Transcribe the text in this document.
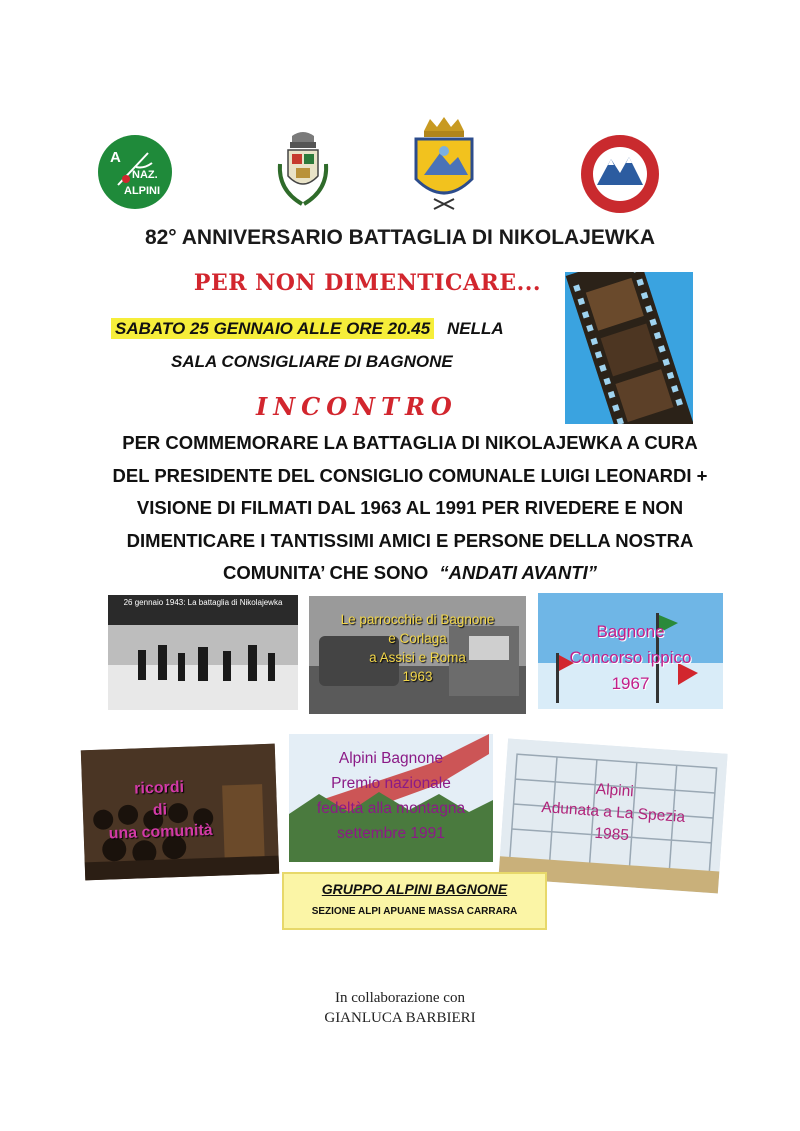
A
NAZ.
ALPINI
82° ANNIVERSARIO BATTAGLIA DI NIKOLAJEWKA
PER NON DIMENTICARE...
SABATO 25 GENNAIO ALLE ORE 20.45 NELLA
SALA CONSIGLIARE DI BAGNONE
INCONTRO
PER COMMEMORARE LA BATTAGLIA DI NIKOLAJEWKA A CURA
DEL PRESIDENTE DEL CONSIGLIO COMUNALE LUIGI LEONARDI +
VISIONE DI FILMATI DAL 1963 AL 1991 PER RIVEDERE E NON
DIMENTICARE I TANTISSIMI AMICI E PERSONE DELLA NOSTRA
COMUNITA’ CHE SONO “ANDATI AVANTI”
26 gennaio 1943: La battaglia di Nikolajewka
Le parrocchie di Bagnone
e Corlaga
a Assisi e Roma
1963
Bagnone
Concorso ippico
1967
ricordi
di
una comunità
Alpini Bagnone
Premio nazionale
fedeltà alla montagna
settembre 1991
Alpini
Adunata a La Spezia
1985
GRUPPO ALPINI BAGNONE
SEZIONE ALPI APUANE MASSA CARRARA
In collaborazione con
GIANLUCA BARBIERI
